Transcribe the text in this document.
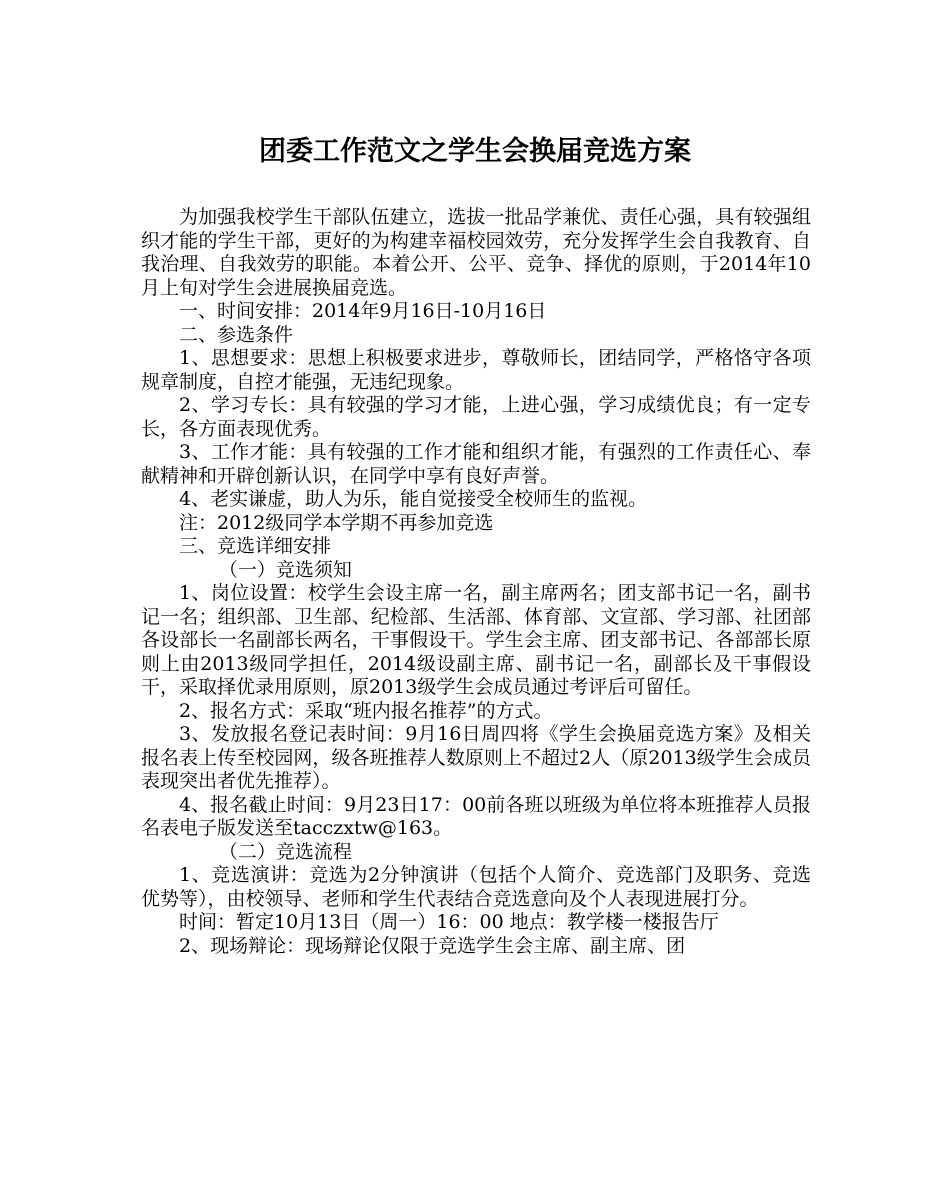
团委工作范文之学生会换届竞选方案

为加强我校学生干部队伍建立，选拔一批品学兼优、责任心强，具有较强组织才能的学生干部，更好的为构建幸福校园效劳，充分发挥学生会自我教育、自我治理、自我效劳的职能。本着公开、公平、竞争、择优的原则，于2014年10月上旬对学生会进展换届竞选。

一、时间安排：2014年9月16日-10月16日

二、参选条件

1、思想要求：思想上积极要求进步，尊敬师长，团结同学，严格恪守各项规章制度，自控才能强，无违纪现象。

2、学习专长：具有较强的学习才能，上进心强，学习成绩优良；有一定专长，各方面表现优秀。

3、工作才能：具有较强的工作才能和组织才能，有强烈的工作责任心、奉献精神和开辟创新认识，在同学中享有良好声誉。

4、老实谦虚，助人为乐，能自觉接受全校师生的监视。

注：2012级同学本学期不再参加竞选

三、竞选详细安排

（一）竞选须知

1、岗位设置：校学生会设主席一名，副主席两名；团支部书记一名，副书记一名；组织部、卫生部、纪检部、生活部、体育部、文宣部、学习部、社团部各设部长一名副部长两名，干事假设干。学生会主席、团支部书记、各部部长原则上由2013级同学担任，2014级设副主席、副书记一名，副部长及干事假设干，采取择优录用原则，原2013级学生会成员通过考评后可留任。

2、报名方式：采取“班内报名推荐”的方式。

3、发放报名登记表时间：9月16日周四将《学生会换届竞选方案》及相关报名表上传至校园网，级各班推荐人数原则上不超过2人（原2013级学生会成员表现突出者优先推荐）。

4、报名截止时间：9月23日17：00前各班以班级为单位将本班推荐人员报名表电子版发送至tacczxtw@163。

（二）竞选流程

1、竞选演讲：竞选为2分钟演讲（包括个人简介、竞选部门及职务、竞选优势等），由校领导、老师和学生代表结合竞选意向及个人表现进展打分。

时间：暂定10月13日（周一）16：00 地点：教学楼一楼报告厅

2、现场辩论：现场辩论仅限于竞选学生会主席、副主席、团
